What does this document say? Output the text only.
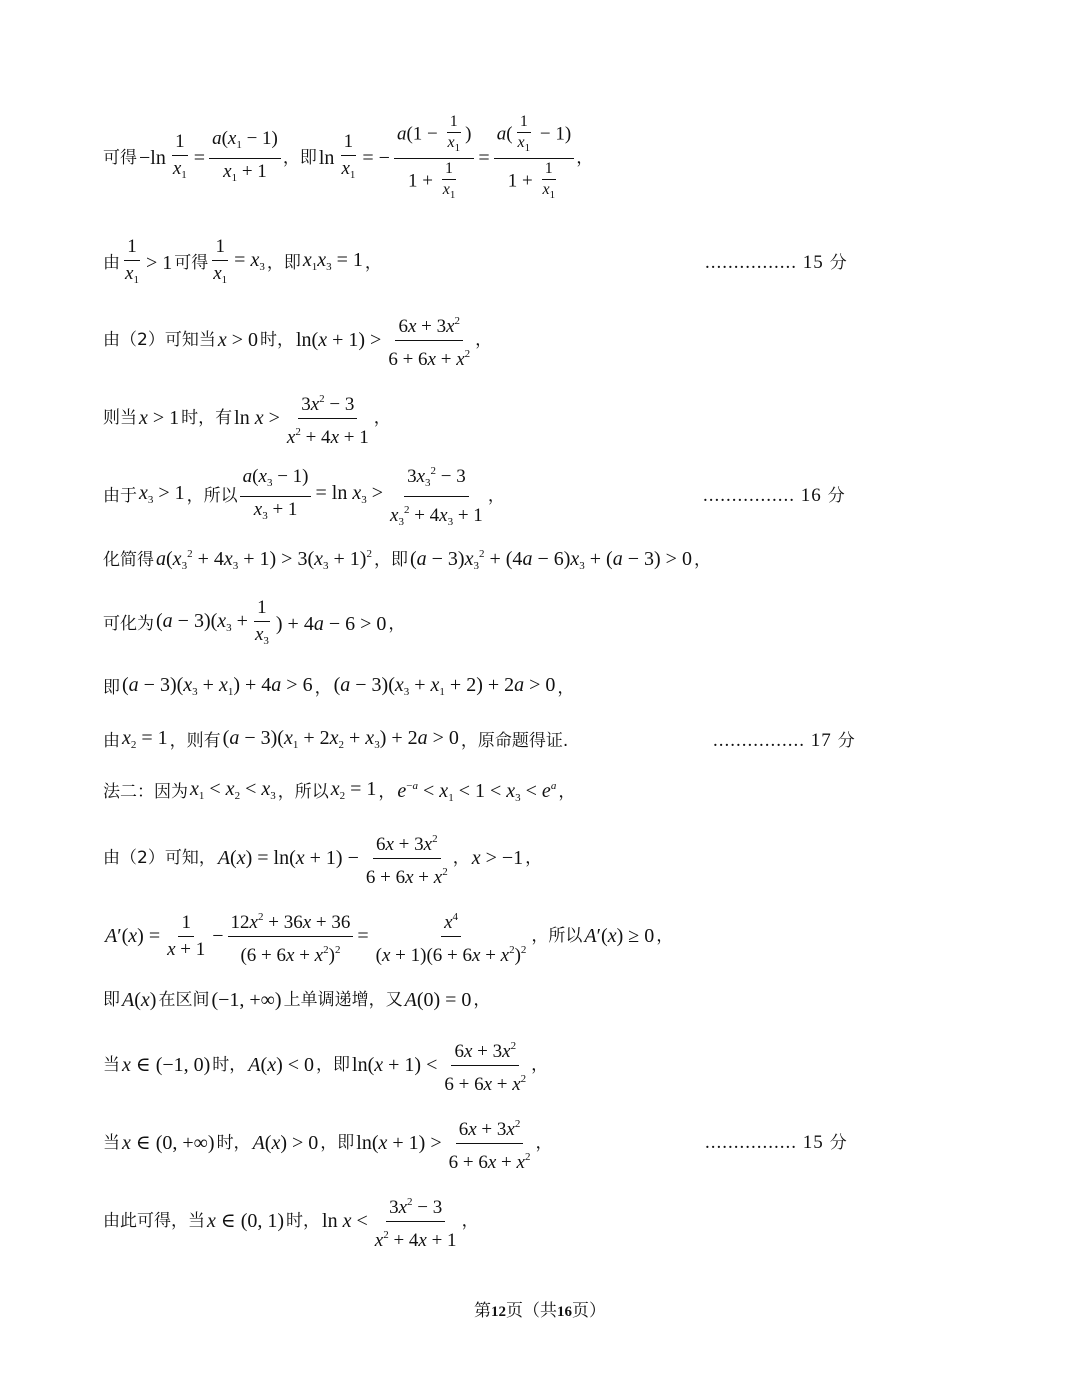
可得 $-\ln \frac{1}{x_1} = \frac{a(x_1 - 1)}{x_1 + 1}$ ，即 $\ln \frac{1}{x_1}$ = − $\frac{a(1 - \frac{1}{x_1} )}{1 + \frac{1}{x_1}} = \frac{a( \frac{1}{x_1} - 1)}{1 + \frac{1}{x_1}}$ ，
由 $\frac{1}{x_1} > 1$ 可得 $\frac{1}{x_1} = x_3$ ，即 $x_1x_3 = 1$ ，	................ 15 分
由（2）可知当 x > 0 时， $\ln(x + 1) > \frac{6x + 3x^2}{6 + 6x + x^2}$ ，
则当 x > 1 时，有 $\ln x > \frac{3x^2 - 3}{x^2 + 4x + 1}$ ，
由于 $x_3 > 1$ ，所以 $\frac{a(x_3 - 1)}{x_3 + 1} = \ln x_3 > \frac{3x_3^2 - 3}{x_3^2 + 4x_3 + 1}$ ，	................ 16 分
化简得 $a(x_3^2 + 4x_3 + 1) > 3(x_3 + 1)^2$ ，即 $(a - 3)x_3^2 + (4a - 6)x_3 + (a - 3) > 0$ ，
可化为 $(a - 3)(x_3 + \frac{1}{x_3}$ ) + 4a − 6 > 0 ，
即 $(a - 3)(x_3 + x_1) + 4a > 6$ ， $(a - 3)(x_3 + x_1 + 2) + 2a > 0$ ，
由 $x_2 = 1$ ，则有 $(a - 3)(x_1 + 2x_2 + x_3) + 2a > 0$ ，原命题得证.	................ 17 分
法二：因为 $x_1 < x_2 < x_3$ ，所以 $x_2 = 1$ ， $e^{-a} < x_1 < 1 < x_3 < e^a$ ，
由（2）可知， $A(x) = \ln(x + 1) - \frac{6x + 3x^2}{6 + 6x + x^2}$ ， x > −1 ，
$A'(x) = \frac{1}{x + 1} - \frac{12x^2 + 36x + 36}{(6 + 6x + x^2)^2} = \frac{x^4}{(x + 1)(6 + 6x + x^2)^2}$ ，所以 A′(x) ≥ 0 ，
即 A(x) 在区间 (−1, +∞) 上单调递增，又 A(0) = 0 ，
当 x ∈ (−1, 0) 时， A(x) < 0 ，即 $\ln(x + 1) < \frac{6x + 3x^2}{6 + 6x + x^2}$ ，
当 x ∈ (0, +∞) 时， A(x) > 0 ，即 $\ln(x + 1) > \frac{6x + 3x^2}{6 + 6x + x^2}$ ，	................ 15 分
由此可得，当 x ∈ (0, 1) 时， $\ln x < \frac{3x^2 - 3}{x^2 + 4x + 1}$ ，
第12页（共16页）
